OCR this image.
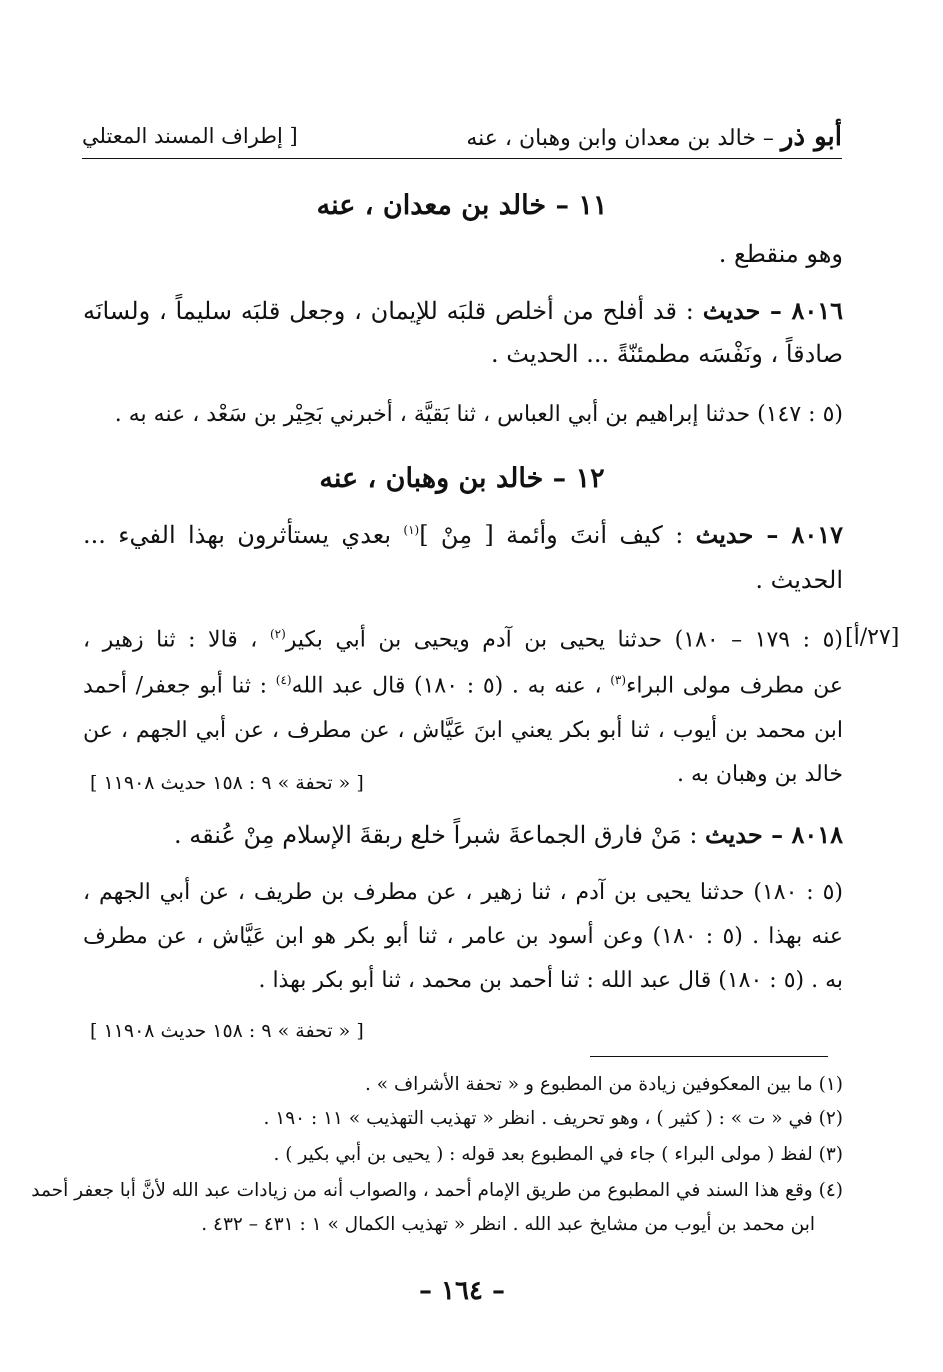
أبو ذر – خالد بن معدان وابن وهبان ، عنه
[ إطراف المسند المعتلي
١١ – خالد بن معدان ، عنه
وهو منقطع .
٨٠١٦ – حديث : قد أفلح من أخلص قلبَه للإيمان ، وجعل قلبَه سليماً ، ولسانَه
صادقاً ، ونَفْسَه مطمئنّةً ... الحديث .
(٥ : ١٤٧) حدثنا إبراهيم بن أبي العباس ، ثنا بَقيَّة ، أخبرني بَحِيْر بن سَعْد ، عنه به .
١٢ – خالد بن وهبان ، عنه
٨٠١٧ – حديث : كيف أنتَ وأئمة [ مِنْ ]$^{(١)}$ بعدي يستأثرون بهذا الفيء ...
الحديث .
[٢٧/أ]
(٥ : ١٧٩ – ١٨٠) حدثنا يحيى بن آدم ويحيى بن أبي بكير$^{(٢)}$ ، قالا : ثنا زهير ،
عن مطرف مولى البراء$^{(٣)}$ ، عنه به . (٥ : ١٨٠) قال عبد الله$^{(٤)}$ : ثنا أبو جعفر/ أحمد
ابن محمد بن أيوب ، ثنا أبو بكر يعني ابنَ عَيَّاش ، عن مطرف ، عن أبي الجهم ، عن
خالد بن وهبان به .
[ « تحفة » ٩ : ١٥٨ حديث ١١٩٠٨ ]
٨٠١٨ – حديث : مَنْ فارق الجماعةَ شبراً خلع ربقةَ الإسلام مِنْ عُنقه .
(٥ : ١٨٠) حدثنا يحيى بن آدم ، ثنا زهير ، عن مطرف بن طريف ، عن أبي الجهم ،
عنه بهذا . (٥ : ١٨٠) وعن أسود بن عامر ، ثنا أبو بكر هو ابن عَيَّاش ، عن مطرف
به . (٥ : ١٨٠) قال عبد الله : ثنا أحمد بن محمد ، ثنا أبو بكر بهذا .
[ « تحفة » ٩ : ١٥٨ حديث ١١٩٠٨ ]
(١) ما بين المعكوفين زيادة من المطبوع و « تحفة الأشراف » .
(٢) في « ت » : ( كثير ) ، وهو تحريف . انظر « تهذيب التهذيب » ١١ : ١٩٠ .
(٣) لفظ ( مولى البراء ) جاء في المطبوع بعد قوله : ( يحيى بن أبي بكير ) .
(٤) وقع هذا السند في المطبوع من طريق الإمام أحمد ، والصواب أنه من زيادات عبد الله لأنَّ أبا جعفر أحمد
ابن محمد بن أيوب من مشايخ عبد الله . انظر « تهذيب الكمال » ١ : ٤٣١ – ٤٣٢ .
– ١٦٤ –
